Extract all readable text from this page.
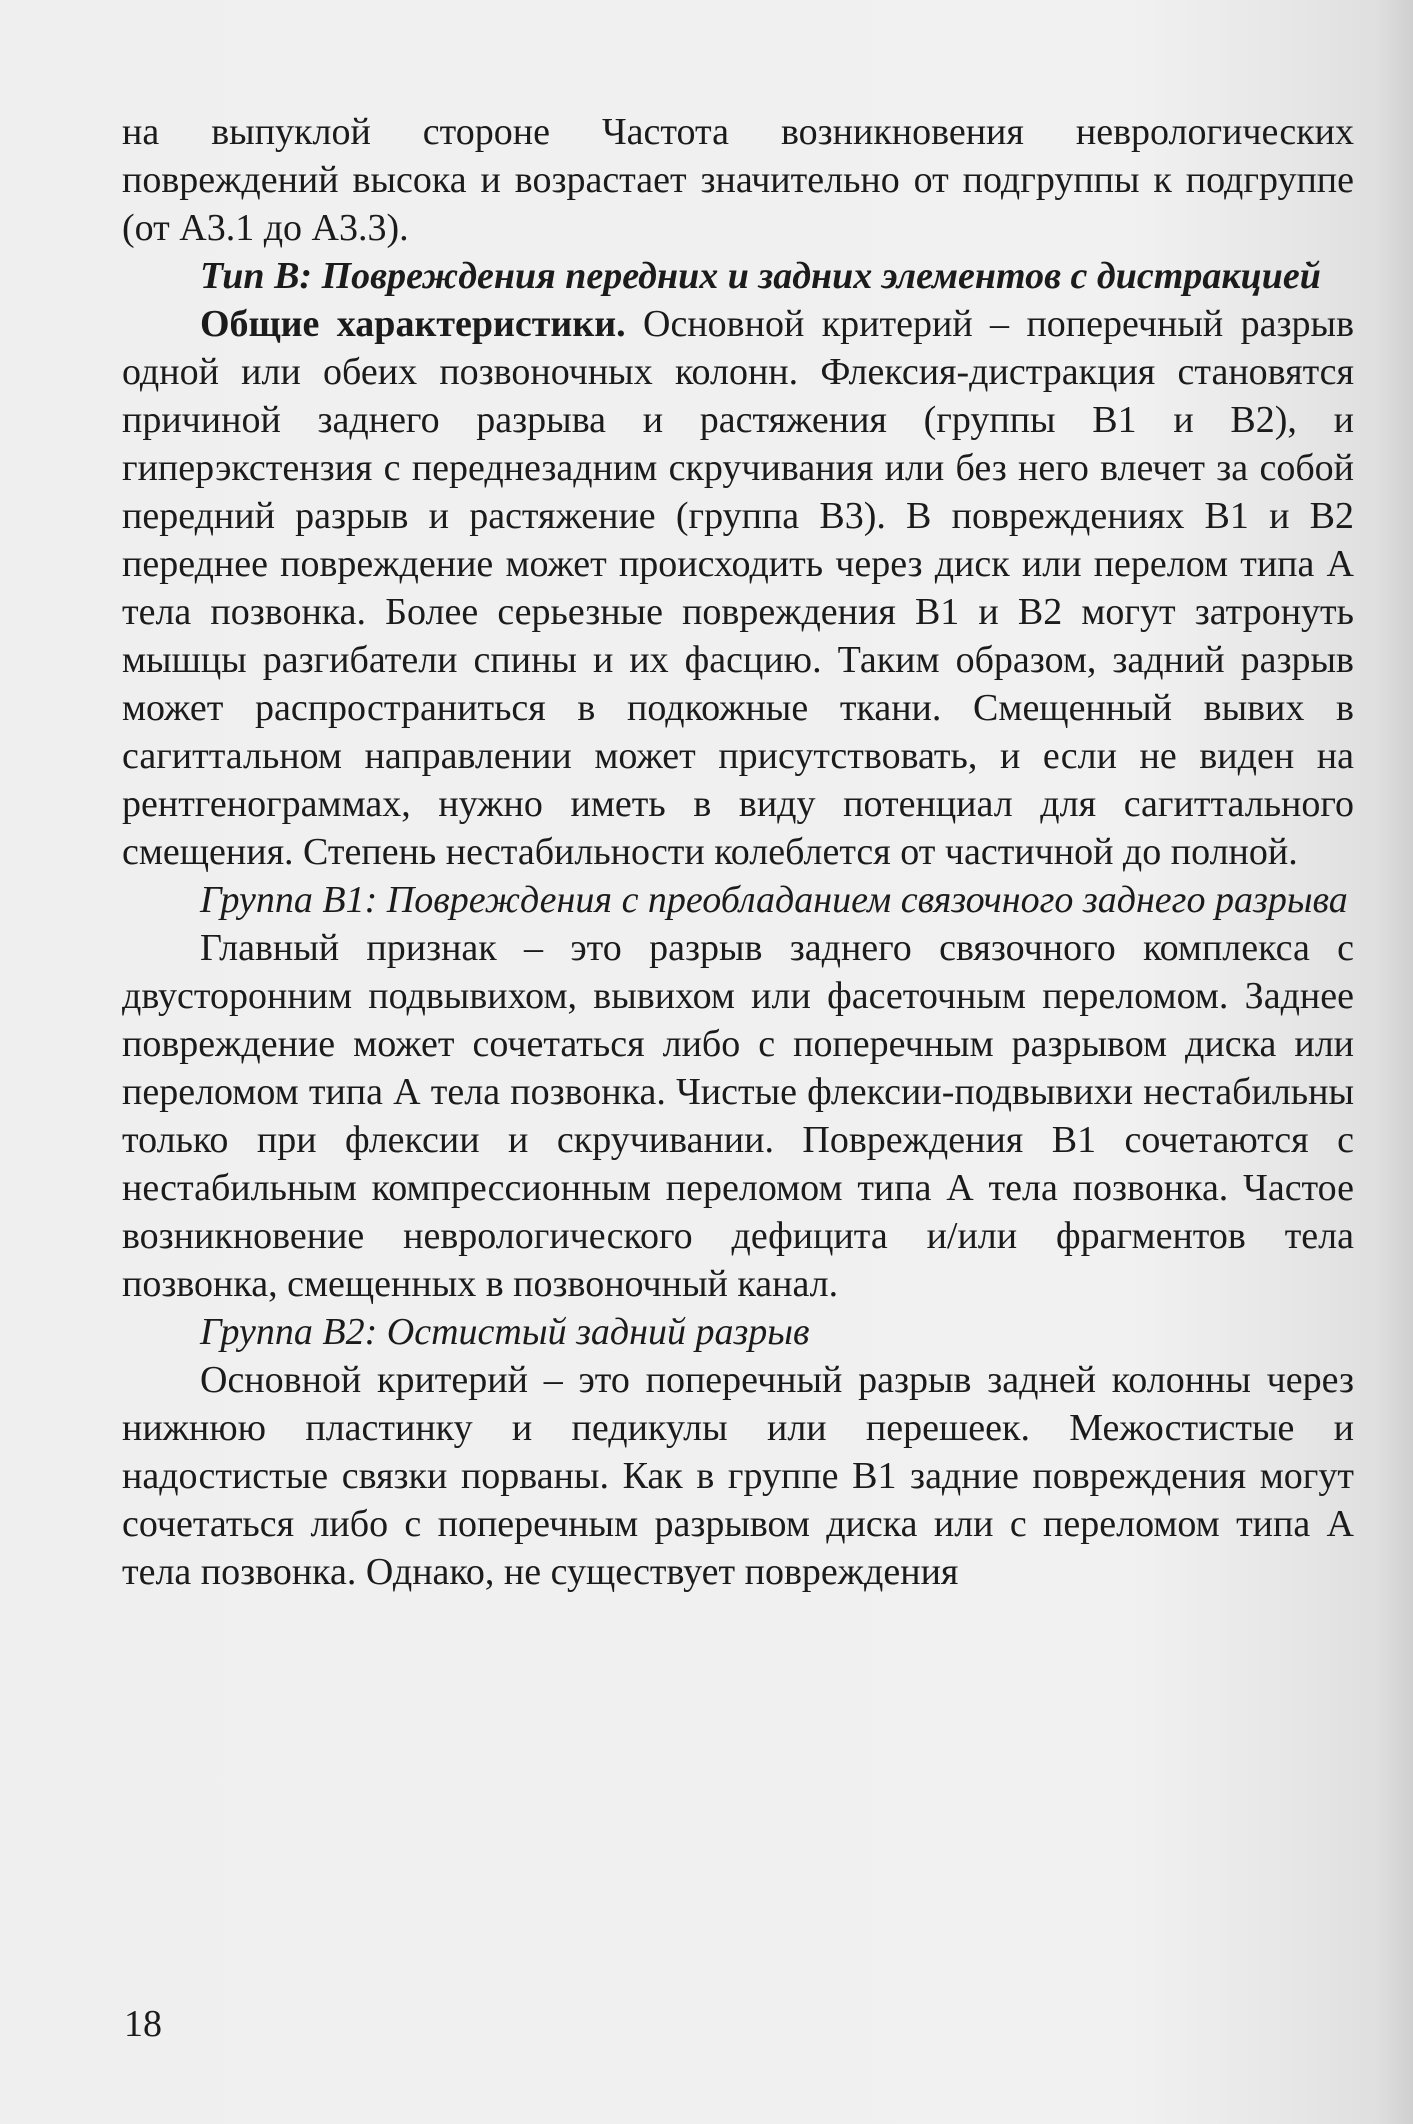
на выпуклой стороне Частота возникновения неврологических повреждений высока и возрастает значительно от подгруппы к подгруппе (от А3.1 до А3.3).

Тип В: Повреждения передних и задних элементов с дистракцией

Общие характеристики. Основной критерий – поперечный разрыв одной или обеих позвоночных колонн. Флексия-дистракция становятся причиной заднего разрыва и растяжения (группы В1 и В2), и гиперэкстензия с переднезадним скручивания или без него влечет за собой передний разрыв и растяжение (группа В3). В повреждениях В1 и В2 переднее повреждение может происходить через диск или перелом типа А тела позвонка. Более серьезные повреждения В1 и В2 могут затронуть мышцы разгибатели спины и их фасцию. Таким образом, задний разрыв может распространиться в подкожные ткани. Смещенный вывих в сагиттальном направлении может присутствовать, и если не виден на рентгенограммах, нужно иметь в виду потенциал для сагиттального смещения. Степень нестабильности колеблется от частичной до полной.

Группа В1: Повреждения с преобладанием связочного заднего разрыва

Главный признак – это разрыв заднего связочного комплекса с двусторонним подвывихом, вывихом или фасеточным переломом. Заднее повреждение может сочетаться либо с поперечным разрывом диска или переломом типа А тела позвонка. Чистые флексии-подвывихи нестабильны только при флексии и скручивании. Повреждения В1 сочетаются с нестабильным компрессионным переломом типа А тела позвонка. Частое возникновение неврологического дефицита и/или фрагментов тела позвонка, смещенных в позвоночный канал.

Группа В2: Остистый задний разрыв

Основной критерий – это поперечный разрыв задней колонны через нижнюю пластинку и педикулы или перешеек. Межостистые и надостистые связки порваны. Как в группе В1 задние повреждения могут сочетаться либо с поперечным разрывом диска или с переломом типа А тела позвонка. Однако, не существует повреждения

18
